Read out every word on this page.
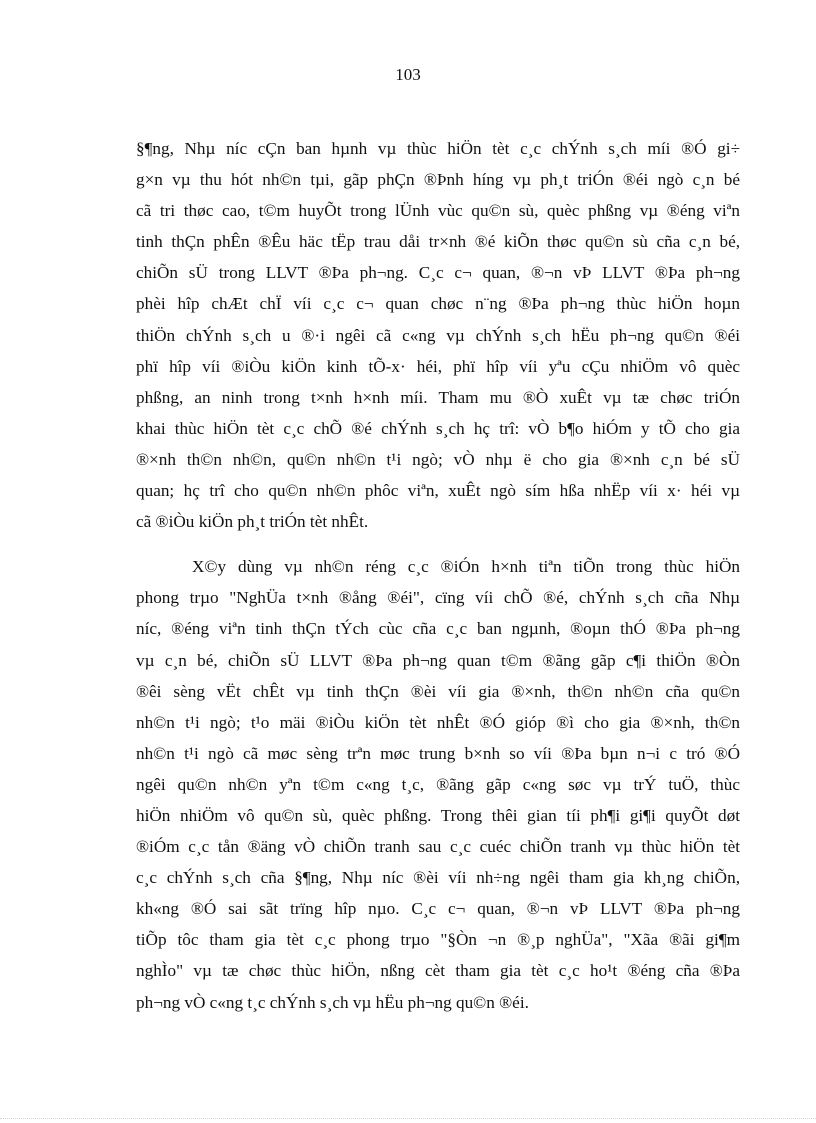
103
§¶ng, Nhµ níc cÇn ban hµnh vµ thùc hiÖn tèt c¸c chÝnh s¸ch míi ®Ó gi÷
g×n vµ thu hót nh©n tµi, gãp phÇn ®Þnh híng vµ ph¸t triÓn ®éi ngò c¸n bé
cã tri thøc cao, t©m huyÕt trong lÜnh vùc qu©n sù, quèc phßng vµ ®éng viªn
tinh thÇn phÊn ®Êu häc tËp trau dåi tr×nh ®é kiÕn thøc qu©n sù cña c¸n bé,
chiÕn sÜ trong LLVT ®Þa ph¬ng. C¸c c¬ quan, ®¬n vÞ LLVT ®Þa ph¬ng
phèi hîp chÆt chÏ víi c¸c c¬ quan chøc n¨ng ®Þa ph¬ng thùc hiÖn hoµn
thiÖn chÝnh s¸ch u ®·i ngêi cã c«ng vµ chÝnh s¸ch hËu ph¬ng qu©n ®éi
phï hîp víi ®iÒu kiÖn kinh tÕ-x· héi, phï hîp víi yªu cÇu nhiÖm vô quèc
phßng, an ninh trong t×nh h×nh míi. Tham mu ®Ò xuÊt vµ tæ chøc triÓn
khai thùc hiÖn tèt c¸c chÕ ®é chÝnh s¸ch hç trî: vÒ b¶o hiÓm y tÕ cho gia
®×nh th©n nh©n, qu©n nh©n t¹i ngò; vÒ nhµ ë cho gia ®×nh c¸n bé sÜ
quan; hç trî cho qu©n nh©n phôc viªn, xuÊt ngò sím hßa nhËp víi x· héi vµ
cã ®iÒu kiÖn ph¸t triÓn tèt nhÊt.
X©y dùng vµ nh©n réng c¸c ®iÓn h×nh tiªn tiÕn trong thùc hiÖn
phong trµo "NghÜa t×nh ®ång ®éi", cïng víi chÕ ®é, chÝnh s¸ch cña Nhµ
níc, ®éng viªn tinh thÇn tÝch cùc cña c¸c ban ngµnh, ®oµn thÓ ®Þa ph¬ng
vµ c¸n bé, chiÕn sÜ LLVT ®Þa ph¬ng quan t©m ®ãng gãp c¶i thiÖn ®Òn
®êi sèng vËt chÊt vµ tinh thÇn ®èi víi gia ®×nh, th©n nh©n cña qu©n
nh©n t¹i ngò; t¹o mäi ®iÒu kiÖn tèt nhÊt ®Ó gióp ®ì cho gia ®×nh, th©n
nh©n t¹i ngò cã møc sèng trªn møc trung b×nh so víi ®Þa bµn n¬i c tró ®Ó
ngêi qu©n nh©n yªn t©m c«ng t¸c, ®ãng gãp c«ng søc vµ trÝ tuÖ, thùc
hiÖn nhiÖm vô qu©n sù, quèc phßng. Trong thêi gian tíi ph¶i gi¶i quyÕt døt
®iÓm c¸c tån ®äng vÒ chiÕn tranh sau c¸c cuéc chiÕn tranh vµ thùc hiÖn tèt
c¸c chÝnh s¸ch cña §¶ng, Nhµ níc ®èi víi nh÷ng ngêi tham gia kh¸ng chiÕn,
kh«ng ®Ó sai sãt trïng hîp nµo. C¸c c¬ quan, ®¬n vÞ LLVT ®Þa ph¬ng
tiÕp tôc tham gia tèt c¸c phong trµo "§Òn ¬n ®¸p nghÜa", "Xãa ®ãi gi¶m
nghÌo" vµ tæ chøc thùc hiÖn, nßng cèt tham gia tèt c¸c ho¹t ®éng cña ®Þa
ph¬ng vÒ c«ng t¸c chÝnh s¸ch vµ hËu ph¬ng qu©n ®éi.
